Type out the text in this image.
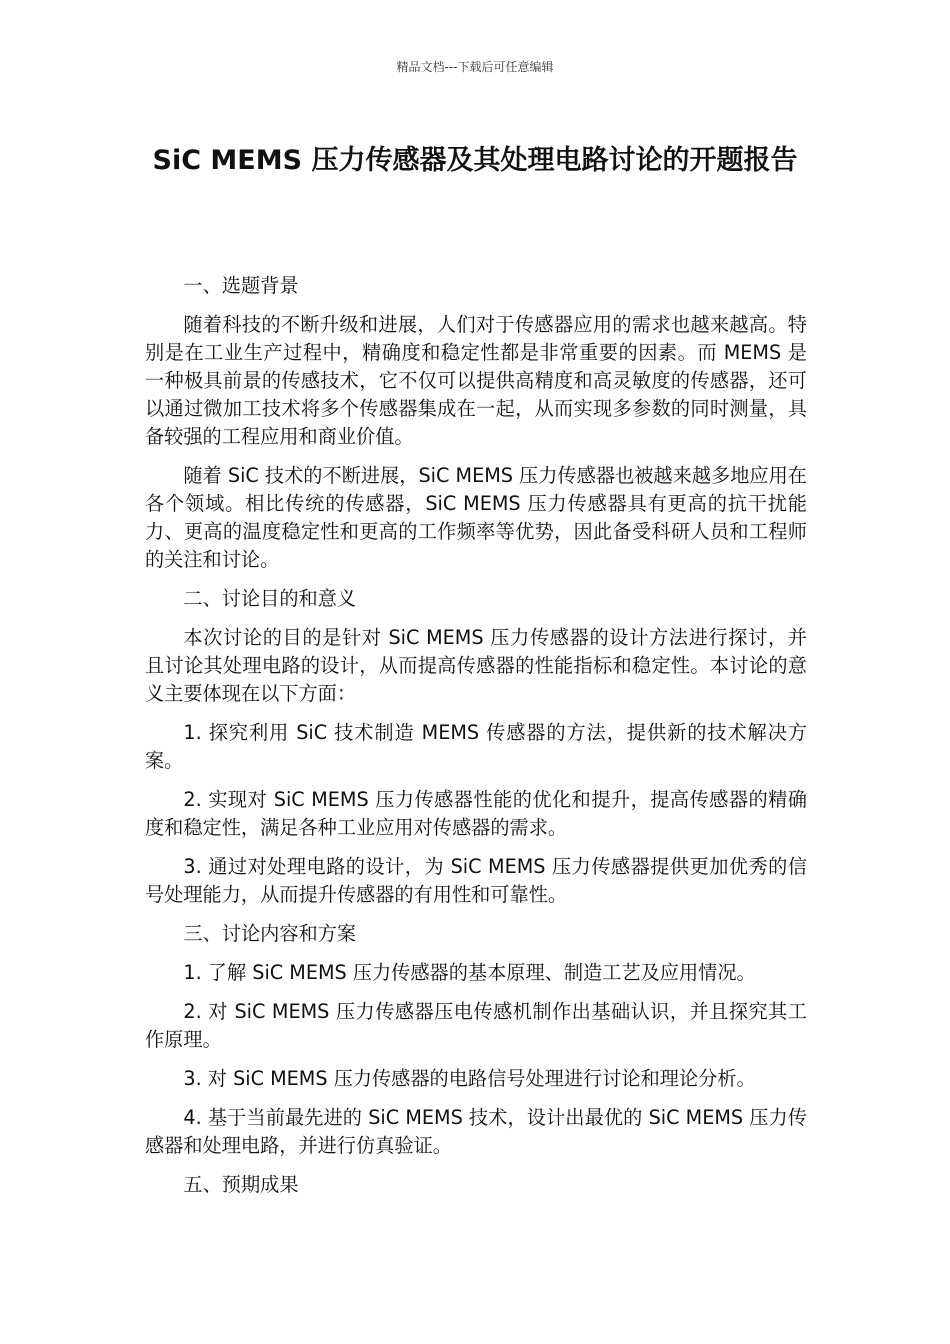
精品文档---下载后可任意编辑
SiC MEMS 压力传感器及其处理电路讨论的开题报告

一、选题背景

随着科技的不断升级和进展，人们对于传感器应用的需求也越来越高。特别是在工业生产过程中，精确度和稳定性都是非常重要的因素。而 MEMS 是一种极具前景的传感技术，它不仅可以提供高精度和高灵敏度的传感器，还可以通过微加工技术将多个传感器集成在一起，从而实现多参数的同时测量，具备较强的工程应用和商业价值。

随着 SiC 技术的不断进展，SiC MEMS 压力传感器也被越来越多地应用在各个领域。相比传统的传感器，SiC MEMS 压力传感器具有更高的抗干扰能力、更高的温度稳定性和更高的工作频率等优势，因此备受科研人员和工程师的关注和讨论。

二、讨论目的和意义

本次讨论的目的是针对 SiC MEMS 压力传感器的设计方法进行探讨，并且讨论其处理电路的设计，从而提高传感器的性能指标和稳定性。本讨论的意义主要体现在以下方面：

1. 探究利用 SiC 技术制造 MEMS 传感器的方法，提供新的技术解决方案。

2. 实现对 SiC MEMS 压力传感器性能的优化和提升，提高传感器的精确度和稳定性，满足各种工业应用对传感器的需求。

3. 通过对处理电路的设计，为 SiC MEMS 压力传感器提供更加优秀的信号处理能力，从而提升传感器的有用性和可靠性。

三、讨论内容和方案

1. 了解 SiC MEMS 压力传感器的基本原理、制造工艺及应用情况。

2. 对 SiC MEMS 压力传感器压电传感机制作出基础认识，并且探究其工作原理。

3. 对 SiC MEMS 压力传感器的电路信号处理进行讨论和理论分析。

4. 基于当前最先进的 SiC MEMS 技术，设计出最优的 SiC MEMS 压力传感器和处理电路，并进行仿真验证。

五、预期成果
